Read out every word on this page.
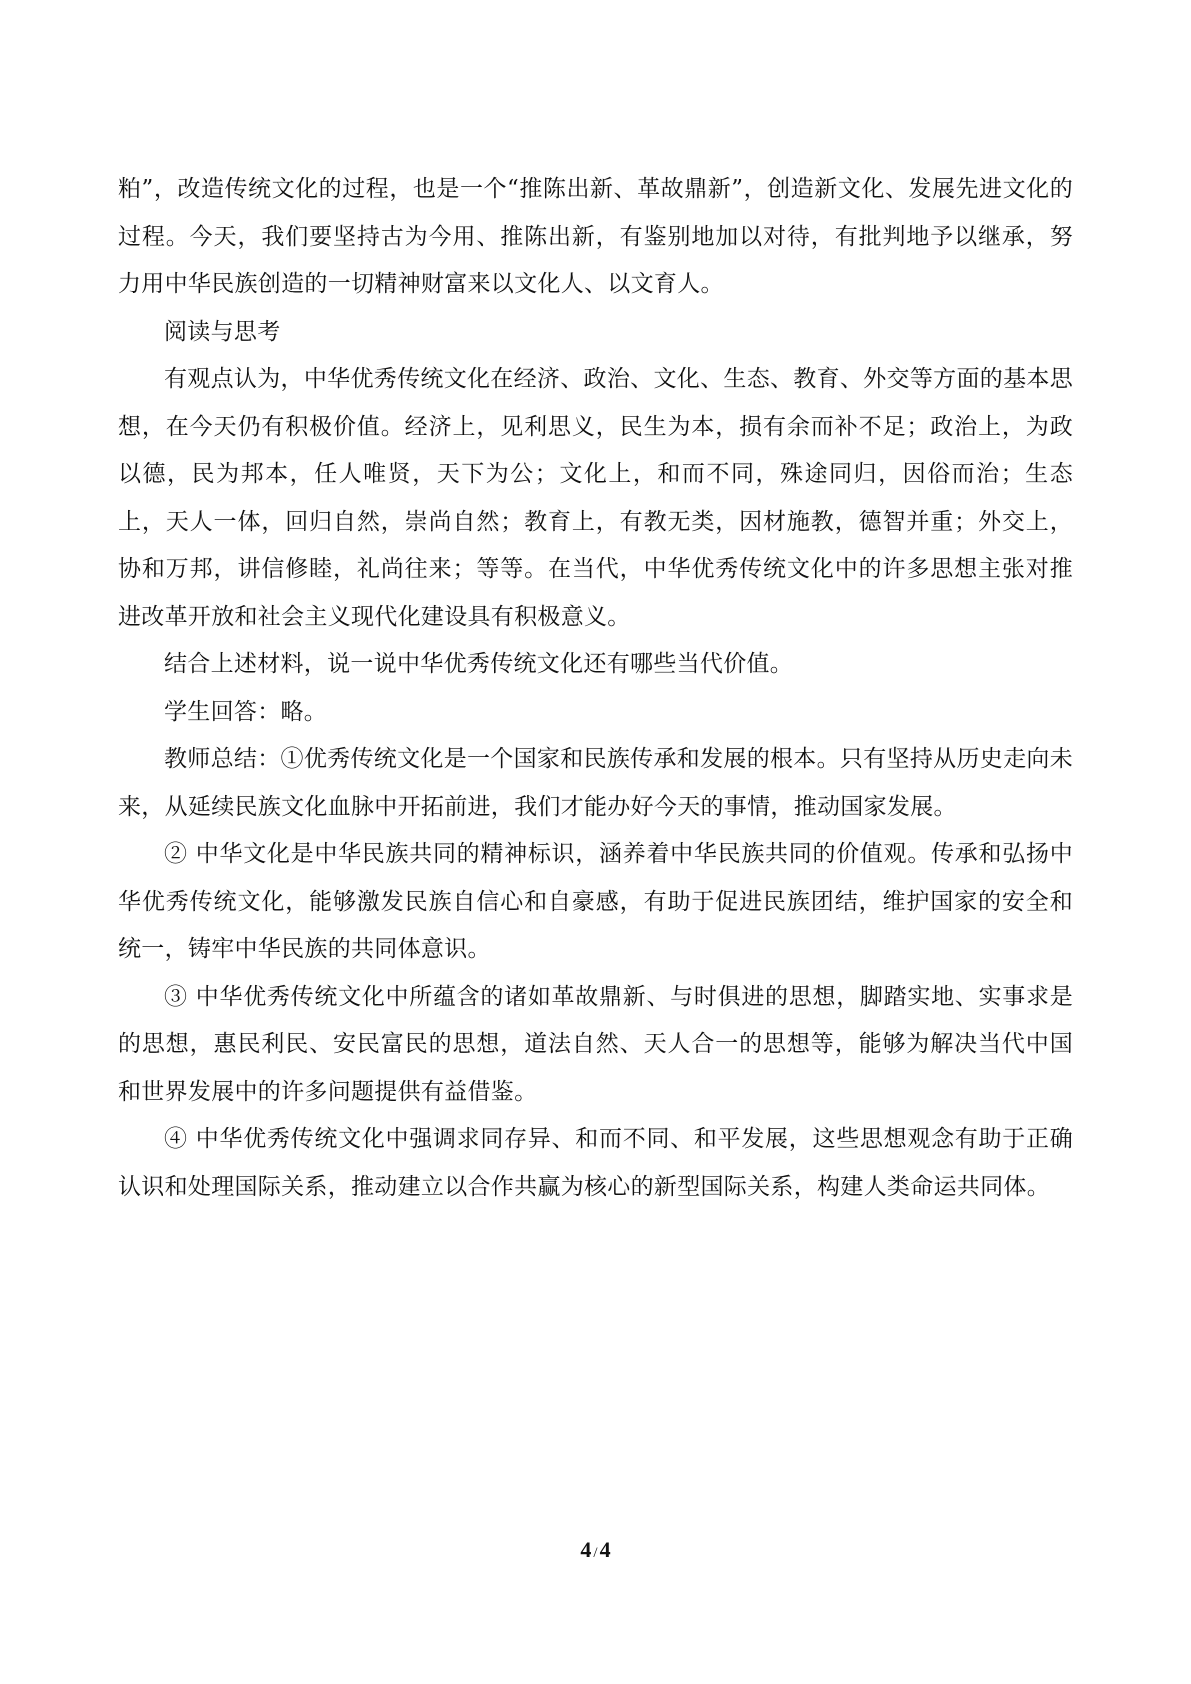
粕”，改造传统文化的过程，也是一个“推陈出新、革故鼎新”，创造新文化、发展先进文化的过程。今天，我们要坚持古为今用、推陈出新，有鉴别地加以对待，有批判地予以继承，努力用中华民族创造的一切精神财富来以文化人、以文育人。

阅读与思考

有观点认为，中华优秀传统文化在经济、政治、文化、生态、教育、外交等方面的基本思想，在今天仍有积极价值。经济上，见利思义，民生为本，损有余而补不足；政治上，为政以德，民为邦本，任人唯贤，天下为公；文化上，和而不同，殊途同归，因俗而治；生态上，天人一体，回归自然，崇尚自然；教育上，有教无类，因材施教，德智并重；外交上，协和万邦，讲信修睦，礼尚往来；等等。在当代，中华优秀传统文化中的许多思想主张对推进改革开放和社会主义现代化建设具有积极意义。

结合上述材料，说一说中华优秀传统文化还有哪些当代价值。

学生回答：略。

教师总结：①优秀传统文化是一个国家和民族传承和发展的根本。只有坚持从历史走向未来，从延续民族文化血脉中开拓前进，我们才能办好今天的事情，推动国家发展。

② 中华文化是中华民族共同的精神标识，涵养着中华民族共同的价值观。传承和弘扬中华优秀传统文化，能够激发民族自信心和自豪感，有助于促进民族团结，维护国家的安全和统一，铸牢中华民族的共同体意识。

③ 中华优秀传统文化中所蕴含的诸如革故鼎新、与时俱进的思想，脚踏实地、实事求是的思想，惠民利民、安民富民的思想，道法自然、天人合一的思想等，能够为解决当代中国和世界发展中的许多问题提供有益借鉴。

④ 中华优秀传统文化中强调求同存异、和而不同、和平发展，这些思想观念有助于正确认识和处理国际关系，推动建立以合作共赢为核心的新型国际关系，构建人类命运共同体。

4 /4
